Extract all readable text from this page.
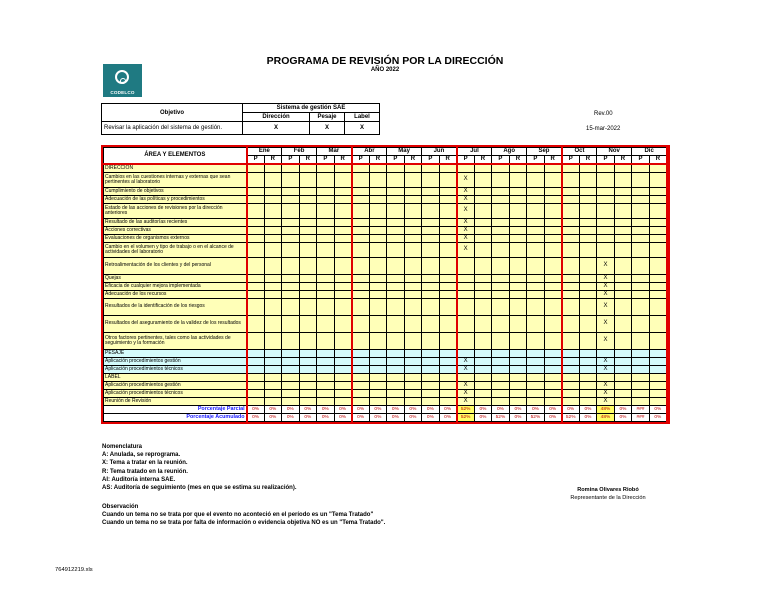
CODELCO
PROGRAMA DE REVISIÓN POR LA DIRECCIÓN
AÑO 2022
Objetivo	Sistema de gestión SAE		
	Dirección	Pesaje	Label
Revisar la aplicación del sistema de gestión.	X	X	X
Rev.00
15-mar-2022
ÁREA Y ELEMENTOS	Ene		Feb		Mar		Abr		May		Jun		Jul		Ago		Sep		Oct		Nov		Dic	
	P	R	P	R	P	R	P	R	P	R	P	R	P	R	P	R	P	R	P	R	P	R	P	R
DIRECCIÓN																								
Cambios en las cuestiones internas y externas que sean pertinentes al laboratorio													X											
Cumplimiento de objetivos													X											
Adecuación de las políticas y procedimientos													X											
Estado de las acciones de revisiones por la dirección anteriores													X											
Resultado de las auditorías recientes													X											
Acciones correctivas													X											
Evaluaciones de organismos externos													X											
Cambio en el volumen y tipo de trabajo o en el alcance de actividades del laboratorio													X											
Retroalimentación de los clientes y del personal																					X			
Quejas																					X			
Eficacia de cualquier mejora implementada																					X			
Adecuación de los recursos																					X			
Resultados de la identificación de los riesgos																					X			
Resultados del aseguramiento de la validez de los resultados																					X			
Otros factores pertinentes, tales como las actividades de seguimiento y la formación																					X			
PESAJE																								
Aplicación procedimientos gestión													X								X			
Aplicación procedimientos técnicos													X								X			
LABEL																								
Aplicación procedimientos gestión													X								X			
Aplicación procedimientos técnicos													X								X			
Reunión de Revisión													X								X			
Porcentaje Parcial	0%	0%	0%	0%	0%	0%	0%	0%	0%	0%	0%	0%	52%	0%	0%	0%	0%	0%	0%	0%	48%	0%	###	0%
Porcentaje Acumulado	0%	0%	0%	0%	0%	0%	0%	0%	0%	0%	0%	0%	52%	0%	52%	0%	52%	0%	52%	0%	48%	0%	###	0%
Nomenclatura
A: Anulada, se reprograma.
X: Tema a tratar en la reunión.
R: Tema tratado en la reunión.
AI: Auditoría interna SAE.
AS: Auditoría de seguimiento (mes en que se estima su realización).
Observación
Cuando un tema no se trata por que el evento no aconteció en el período es un "Tema Tratado"
Cuando un tema no se trata por falta de información o evidencia objetiva NO es un "Tema Tratado".
Romina Olivares Riobó
Representante de la Dirección
764912219.xls
